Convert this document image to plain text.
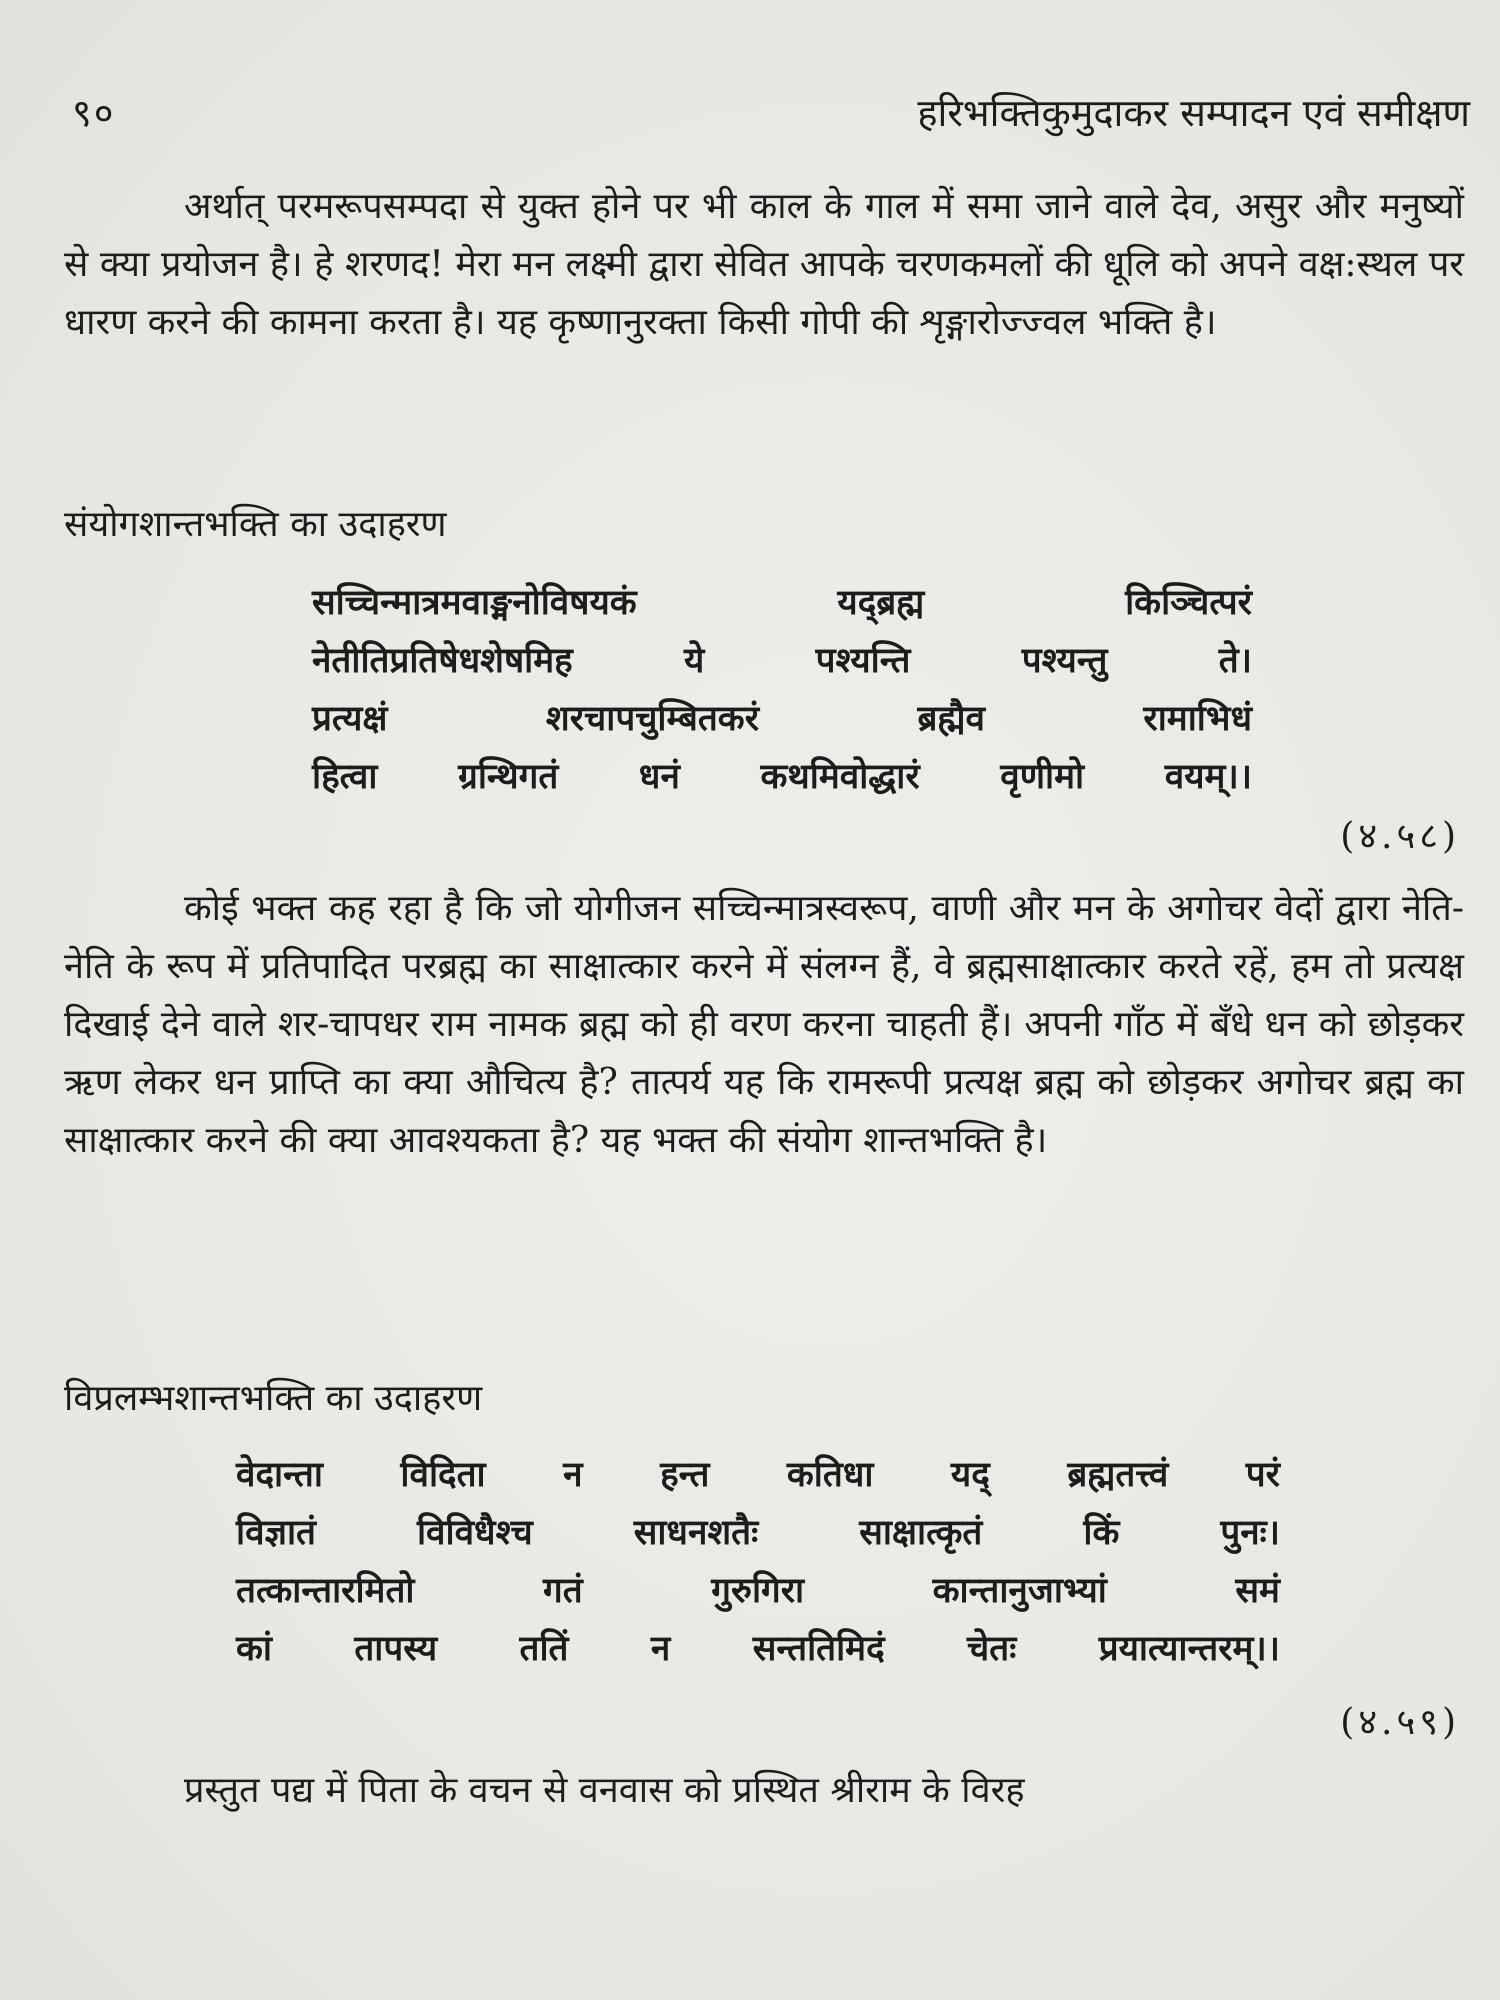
९०	हरिभक्तिकुमुदाकर सम्पादन एवं समीक्षण

अर्थात् परमरूपसम्पदा से युक्त होने पर भी काल के गाल में समा जाने वाले देव, असुर और मनुष्यों से क्या प्रयोजन है। हे शरणद! मेरा मन लक्ष्मी द्वारा सेवित आपके चरणकमलों की धूलि को अपने वक्ष:स्थल पर धारण करने की कामना करता है। यह कृष्णानुरक्ता किसी गोपी की शृङ्गारोज्ज्वल भक्ति है।

संयोगशान्तभक्ति का उदाहरण
सच्चिन्मात्रमवाङ्मनोविषयकं यद्ब्रह्म किञ्चित्परं
नेतीतिप्रतिषेधशेषमिह ये पश्यन्ति पश्यन्तु ते।
प्रत्यक्षं शरचापचुम्बितकरं ब्रह्मैव रामाभिधं
हित्वा ग्रन्थिगतं धनं कथमिवोद्धारं वृणीमो वयम्।।
(४.५८)

कोई भक्त कह रहा है कि जो योगीजन सच्चिन्मात्रस्वरूप, वाणी और मन के अगोचर वेदों द्वारा नेति-नेति के रूप में प्रतिपादित परब्रह्म का साक्षात्कार करने में संलग्न हैं, वे ब्रह्मसाक्षात्कार करते रहें, हम तो प्रत्यक्ष दिखाई देने वाले शर-चापधर राम नामक ब्रह्म को ही वरण करना चाहती हैं। अपनी गाँठ में बँधे धन को छोड़कर ऋण लेकर धन प्राप्ति का क्या औचित्य है? तात्पर्य यह कि रामरूपी प्रत्यक्ष ब्रह्म को छोड़कर अगोचर ब्रह्म का साक्षात्कार करने की क्या आवश्यकता है? यह भक्त की संयोग शान्तभक्ति है।

विप्रलम्भशान्तभक्ति का उदाहरण
वेदान्ता विदिता न हन्त कतिधा यद् ब्रह्मतत्त्वं परं
विज्ञातं विविधैश्च साधनशतैः साक्षात्कृतं किं पुनः।
तत्कान्तारमितो गतं गुरुगिरा कान्तानुजाभ्यां समं
कां तापस्य ततिं न सन्ततिमिदं चेतः प्रयात्यान्तरम्।।
(४.५९)

प्रस्तुत पद्य में पिता के वचन से वनवास को प्रस्थित श्रीराम के विरह
